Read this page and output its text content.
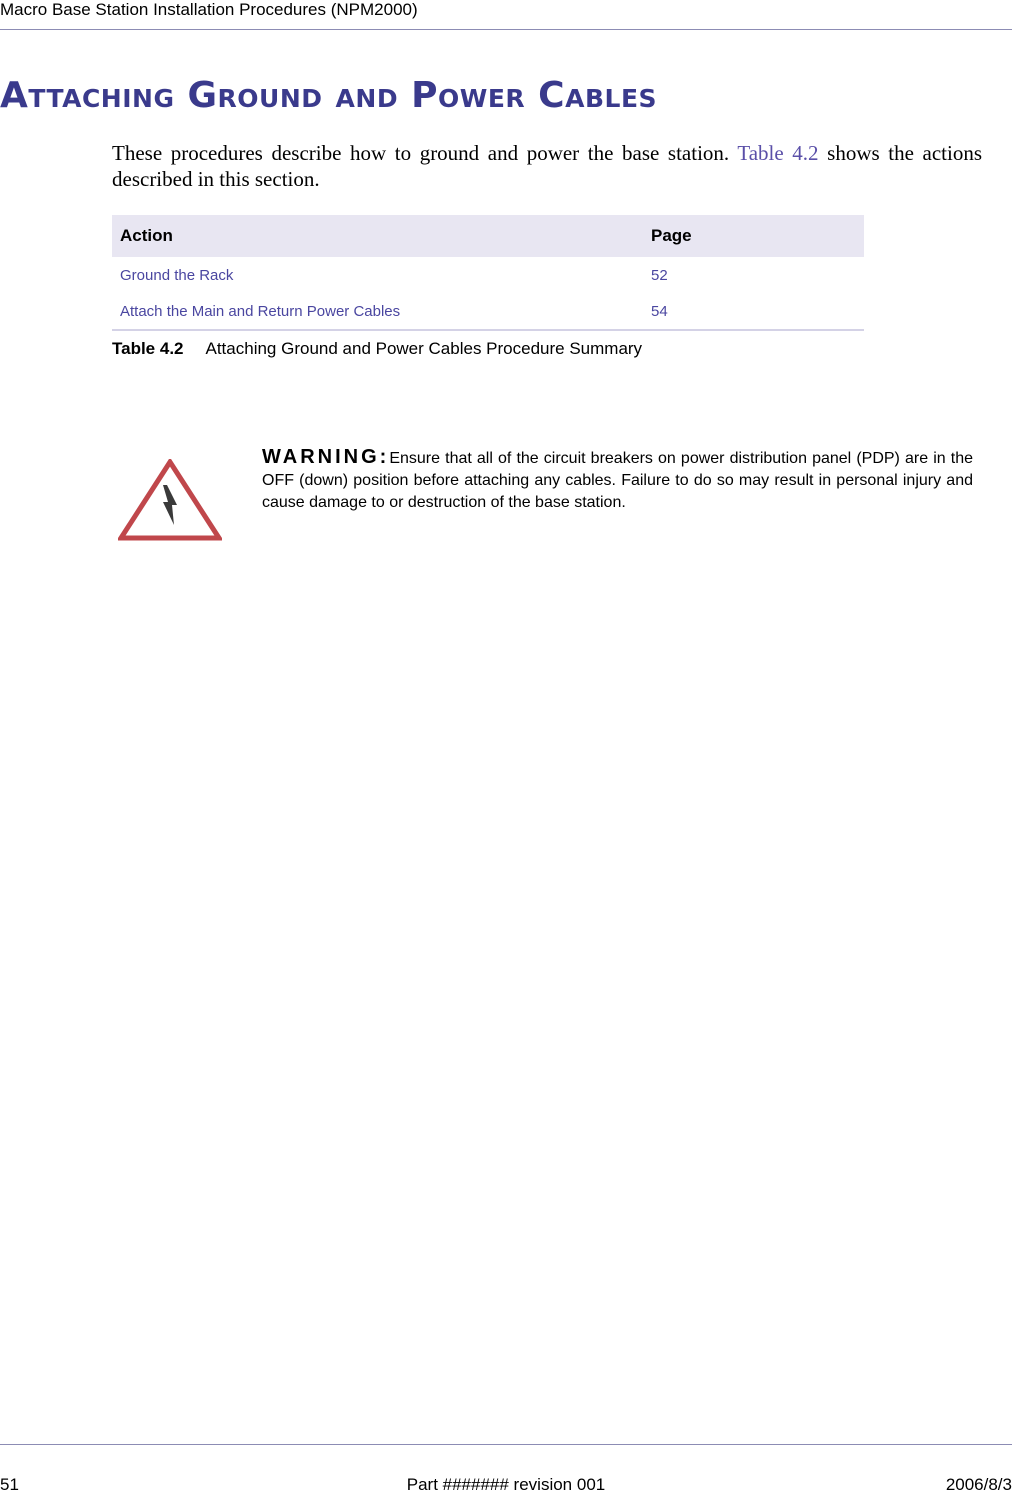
Macro Base Station Installation Procedures (NPM2000)
Attaching Ground and Power Cables

These procedures describe how to ground and power the base station. Table 4.2 shows the actions described in this section.

Action	Page
Ground the Rack	52
Attach the Main and Return Power Cables	54
Table 4.2 Attaching Ground and Power Cables Procedure Summary

WARNING:Ensure that all of the circuit breakers on power distribution panel (PDP) are in the OFF (down) position before attaching any cables. Failure to do so may result in personal injury and cause damage to or destruction of the base station.

51	Part ####### revision 001	2006/8/3
